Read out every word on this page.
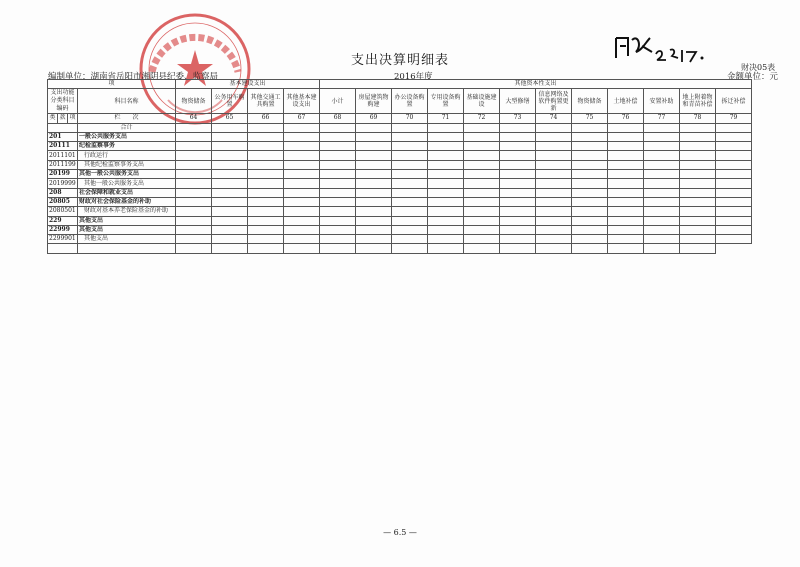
支出决算明细表	财决05表
编制单位：湖南省岳阳市湘阴县纪委、监察局	2016年度	金额单位：元
项				基本建设支出				其他资本性支出											
支出功能分类科目编码			科目名称	物资储备	公务用车购置	其他交通工具购置	其他基本建设支出	小计	房屋建筑物购建	办公设备购置	专用设备购置	基础设施建设	大型修缮	信息网络及软件购置更新	物资储备	土地补偿	安置补助	地上附着物和青苗补偿	拆迁补偿

类	款	项	栏　　次	64	65	66	67	68	69	70	71	72	73	74	75	76	77	78	79
			合计																
201			一般公共服务支出																
20111			纪检监察事务																
2011101			行政运行																
2011199			其他纪检监察事务支出																
20199			其他一般公共服务支出																
2019999			其他一般公共服务支出																
208			社会保障和就业支出																
20805			财政对社会保险基金的补助																
2080501			财政对基本养老保险基金的补助																
229			其他支出																
22999			其他支出																
2299901			其他支出																

— 6.5 —
